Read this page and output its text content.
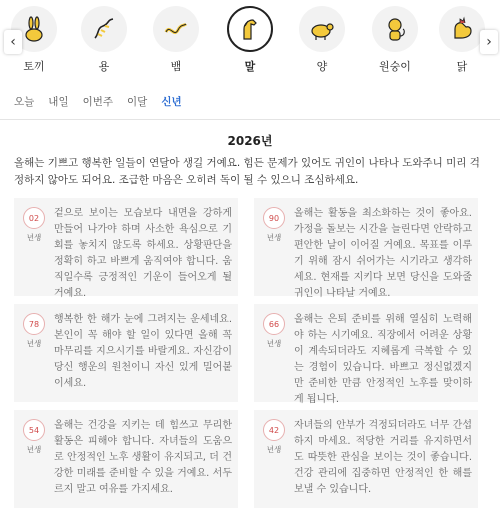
토끼	용	뱀	말	양	원숭이	닭
‹	›
오늘 내일 이번주 이달 신년
2026년
올해는 기쁘고 행복한 일들이 연달아 생길 거예요. 힘든 문제가 있어도 귀인이 나타나 도와주니 미리 걱정하지 않아도 되어요. 조급한 마음은 오히려 독이 될 수 있으니 조심하세요.
02
년생
겉으로 보이는 모습보다 내면을 강하게 만들어 나가야 하며 사소한 욕심으로 기회를 놓치지 않도록 하세요. 상황판단을 정확히 하고 바쁘게 움직여야 합니다. 움직일수록 긍정적인 기운이 들어오게 될 거예요.
90
년생
올해는 활동을 최소화하는 것이 좋아요. 가정을 돌보는 시간을 늘린다면 안락하고 편안한 날이 이어질 거예요. 목표를 이루기 위해 잠시 쉬어가는 시기라고 생각하세요. 현재를 지키다 보면 당신을 도와줄 귀인이 나타날 거예요.
78
년생
행복한 한 해가 눈에 그려지는 운세네요. 본인이 꼭 해야 할 일이 있다면 올해 꼭 마무리를 지으시기를 바랄게요. 자신감이 당신 행운의 원천이니 자신 있게 밀어붙이세요.
66
년생
올해는 은퇴 준비를 위해 열심히 노력해야 하는 시기예요. 직장에서 어려운 상황이 계속되더라도 지혜롭게 극복할 수 있는 경험이 있습니다. 바쁘고 정신없겠지만 준비한 만큼 안정적인 노후를 맞이하게 됩니다.
54
년생
올해는 건강을 지키는 데 힘쓰고 무리한 활동은 피해야 합니다. 자녀들의 도움으로 안정적인 노후 생활이 유지되고, 더 건강한 미래를 준비할 수 있을 거예요. 서두르지 말고 여유를 가지세요.
42
년생
자녀들의 안부가 걱정되더라도 너무 간섭하지 마세요. 적당한 거리를 유지하면서도 따뜻한 관심을 보이는 것이 좋습니다. 건강 관리에 집중하면 안정적인 한 해를 보낼 수 있습니다.
